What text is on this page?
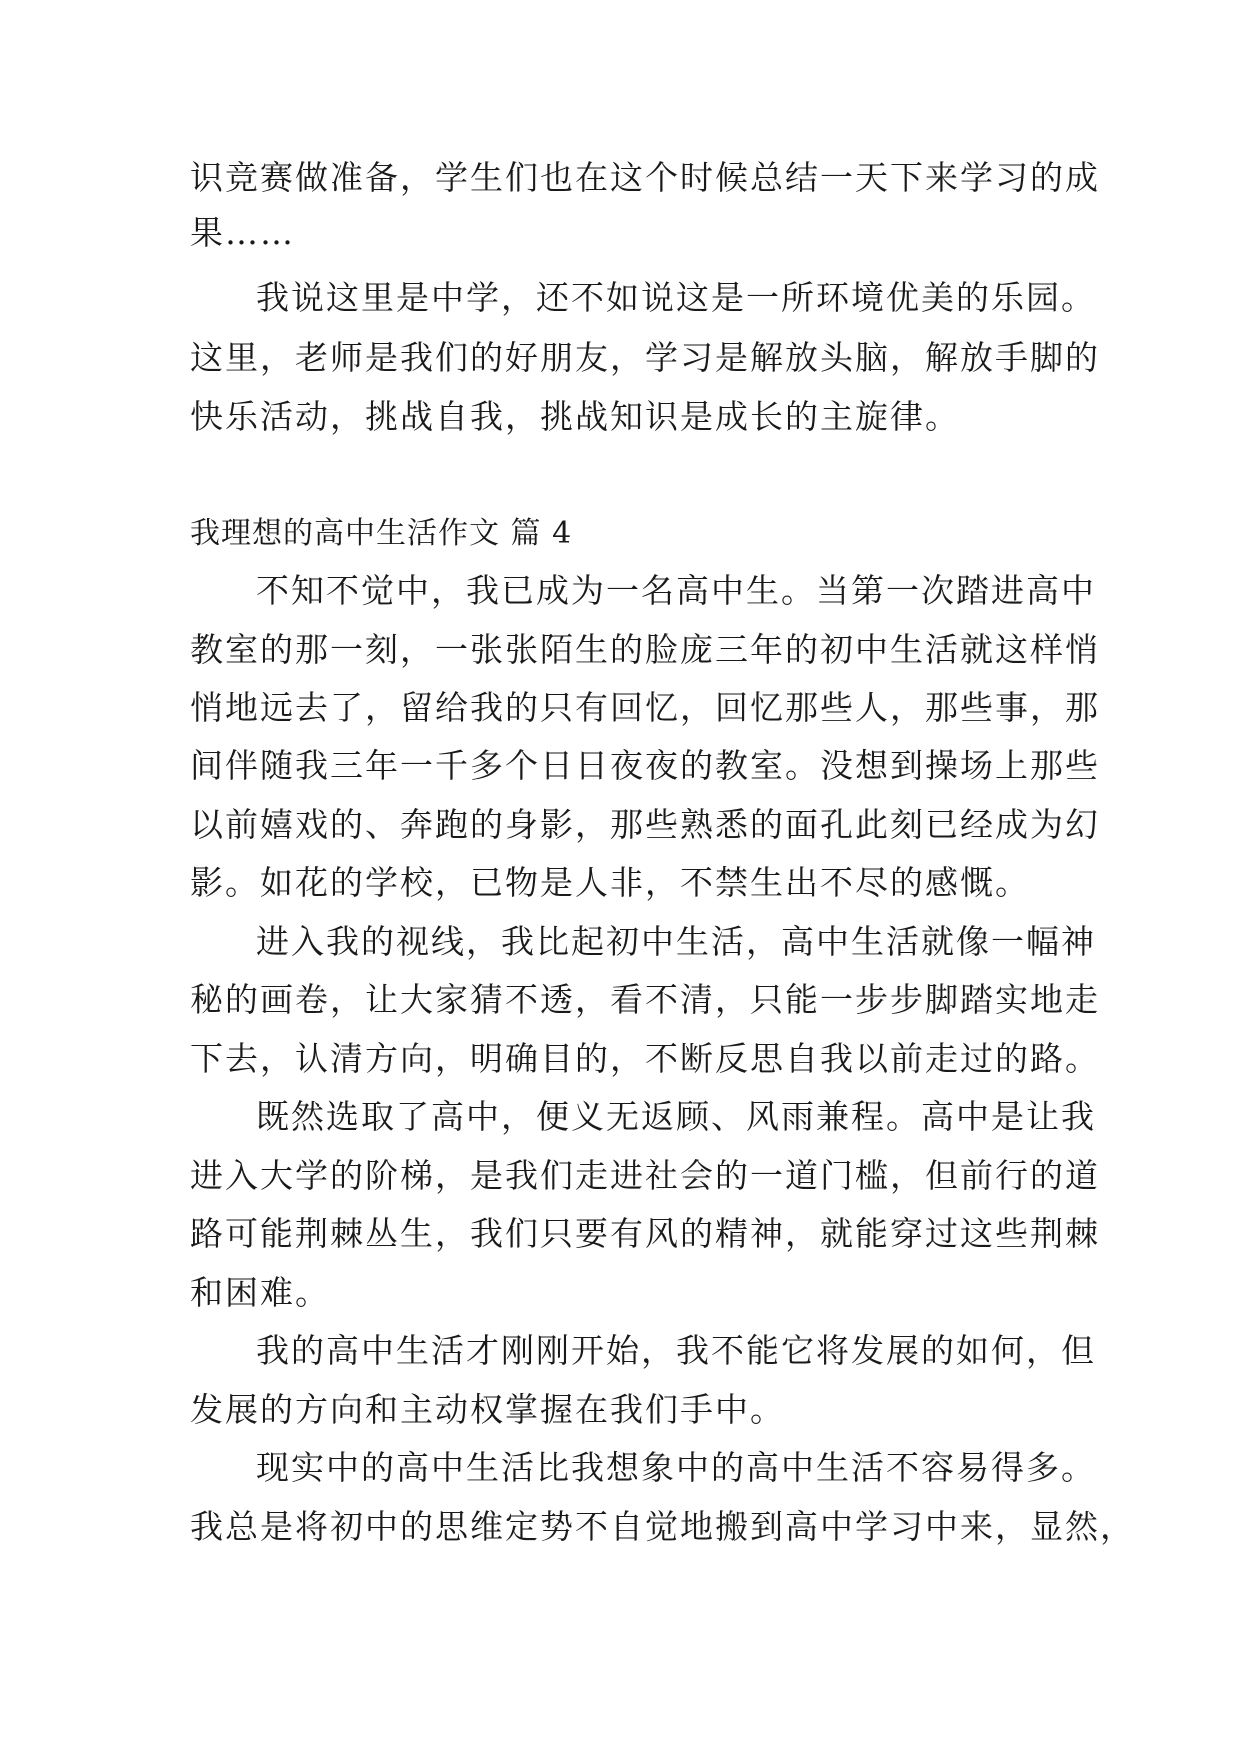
识竞赛做准备，学生们也在这个时候总结一天下来学习的成
果……
我说这里是中学，还不如说这是一所环境优美的乐园。
这里，老师是我们的好朋友，学习是解放头脑，解放手脚的
快乐活动，挑战自我，挑战知识是成长的主旋律。
我理想的高中生活作文 篇 4
不知不觉中，我已成为一名高中生。当第一次踏进高中
教室的那一刻，一张张陌生的脸庞三年的初中生活就这样悄
悄地远去了，留给我的只有回忆，回忆那些人，那些事，那
间伴随我三年一千多个日日夜夜的教室。没想到操场上那些
以前嬉戏的、奔跑的身影，那些熟悉的面孔此刻已经成为幻
影。如花的学校，已物是人非，不禁生出不尽的感慨。
进入我的视线，我比起初中生活，高中生活就像一幅神
秘的画卷，让大家猜不透，看不清，只能一步步脚踏实地走
下去，认清方向，明确目的，不断反思自我以前走过的路。
既然选取了高中，便义无返顾、风雨兼程。高中是让我
进入大学的阶梯，是我们走进社会的一道门槛，但前行的道
路可能荆棘丛生，我们只要有风的精神，就能穿过这些荆棘
和困难。
我的高中生活才刚刚开始，我不能它将发展的如何，但
发展的方向和主动权掌握在我们手中。
现实中的高中生活比我想象中的高中生活不容易得多。
我总是将初中的思维定势不自觉地搬到高中学习中来，显然，
